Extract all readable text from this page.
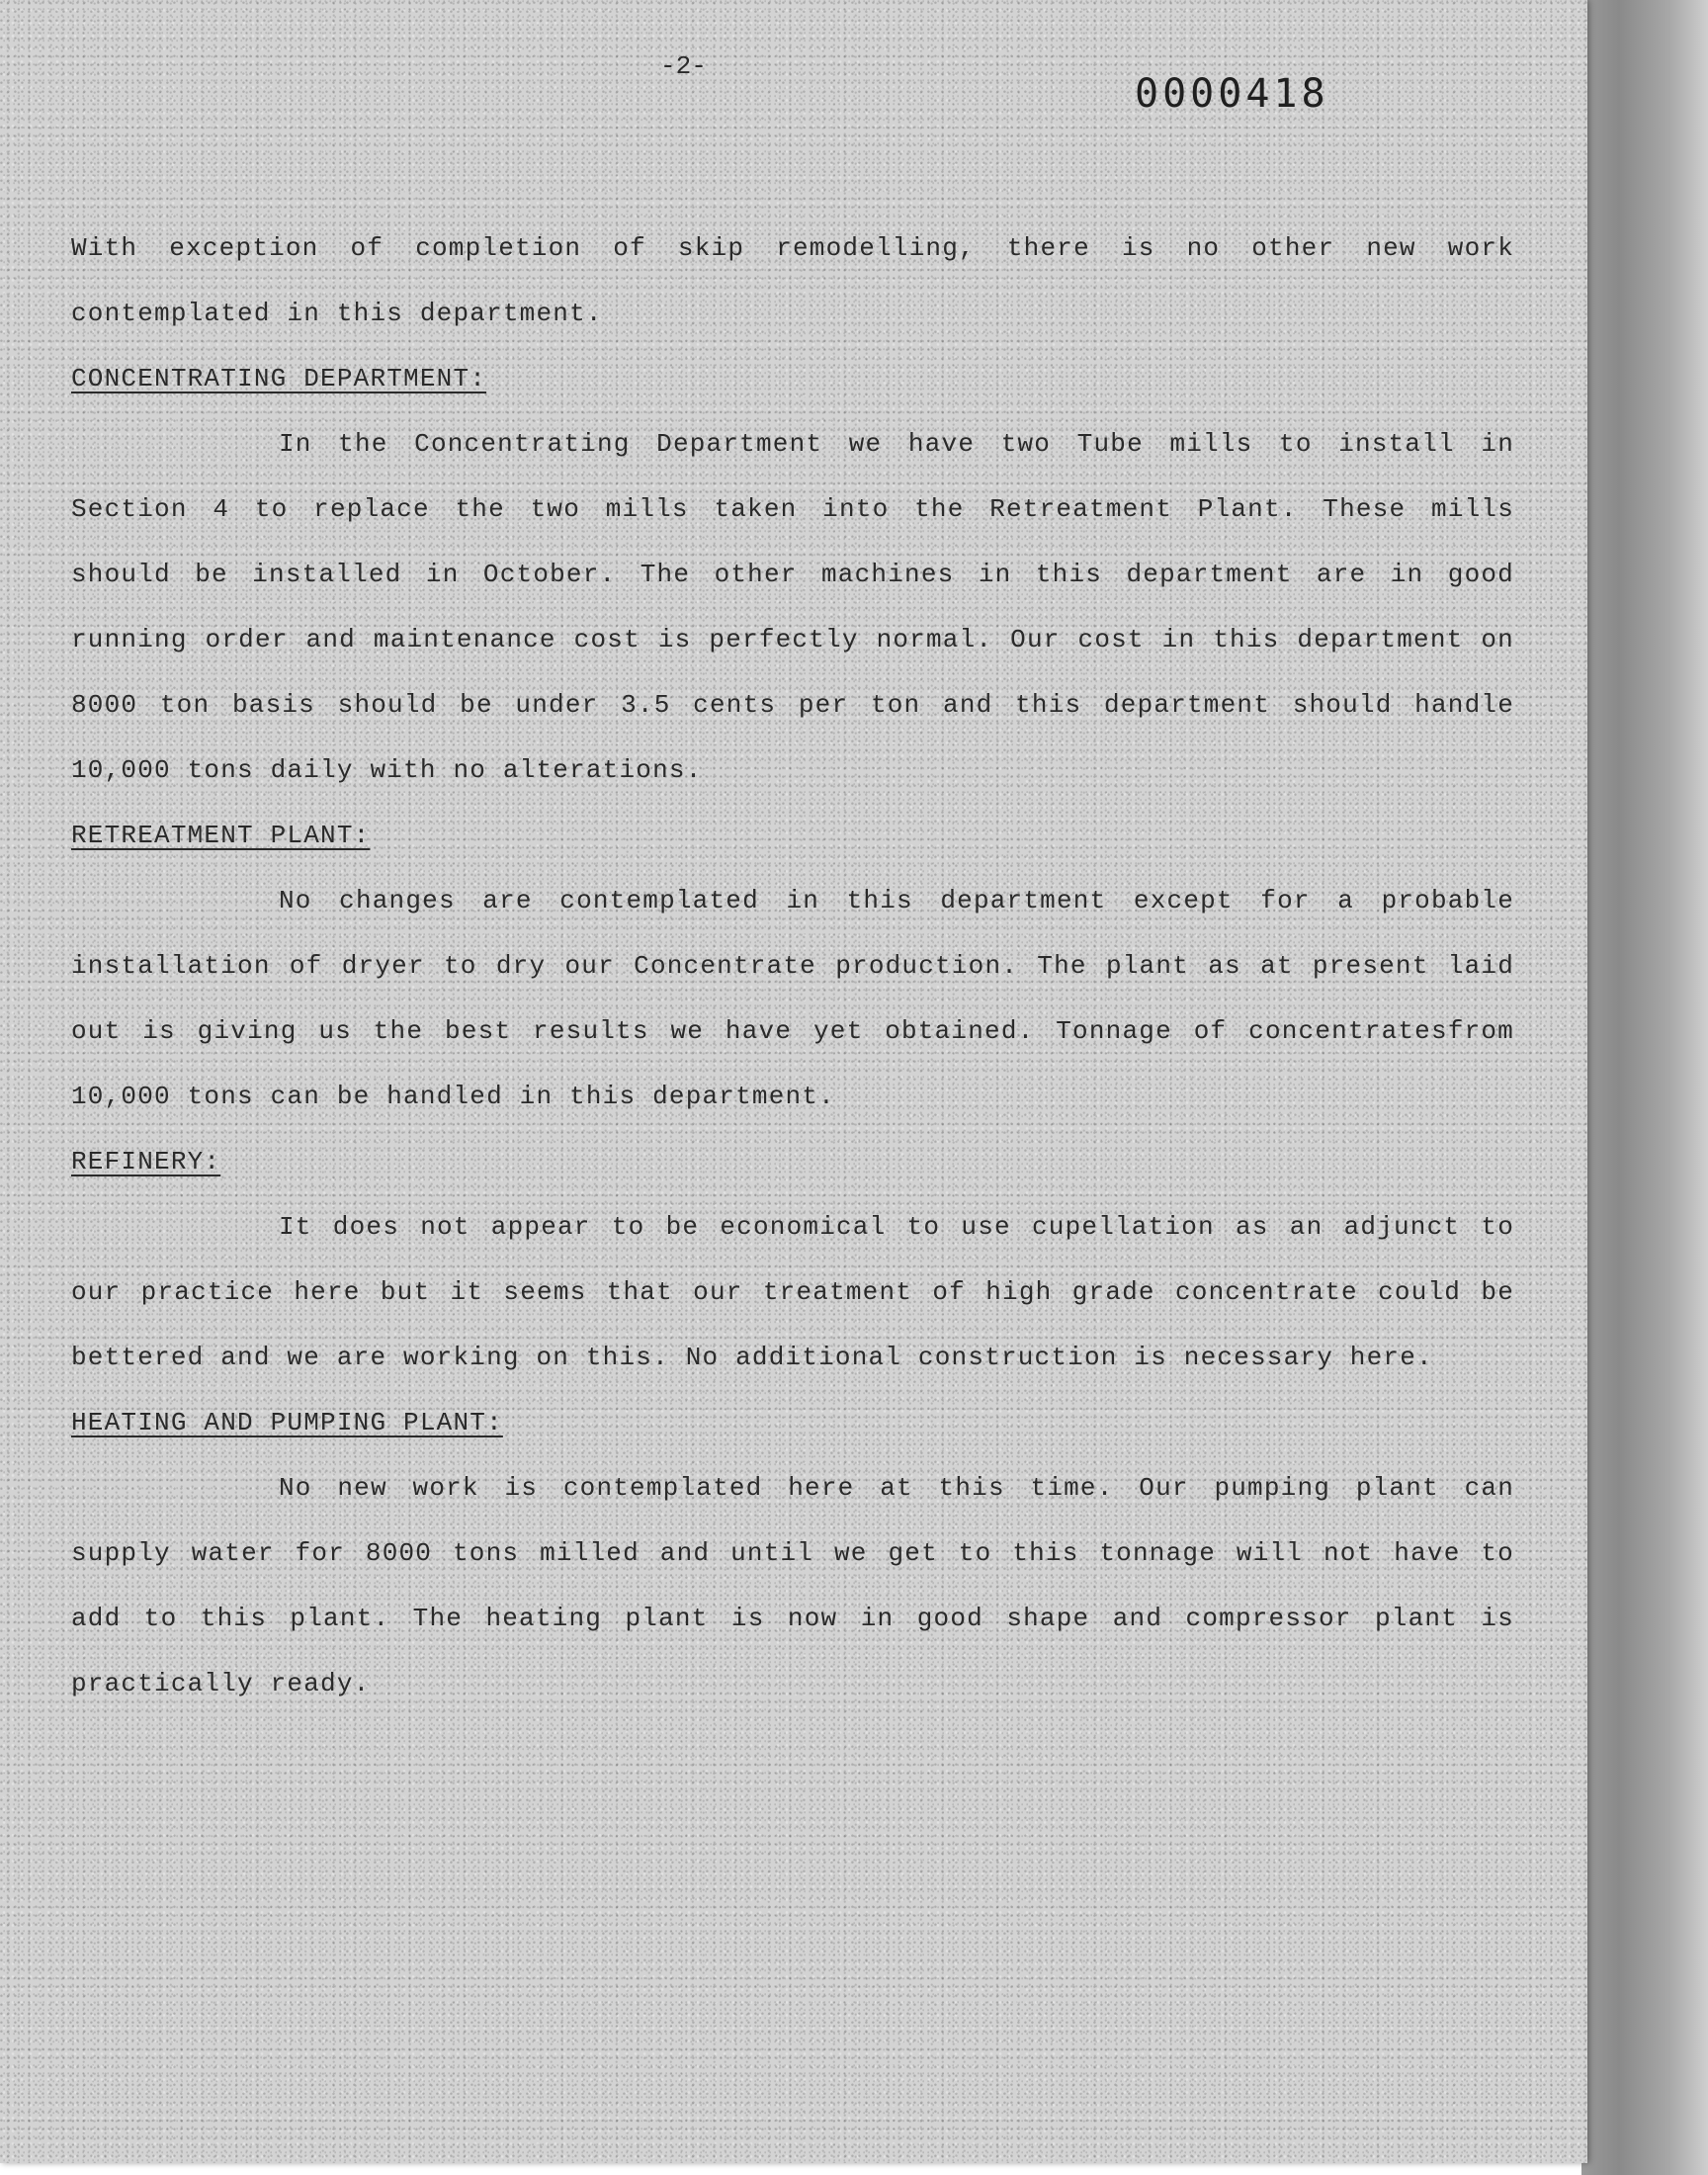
-2-
0000418

With exception of completion of skip remodelling, there is no other new work contemplated in this department.

CONCENTRATING DEPARTMENT:

In the Concentrating Department we have two Tube mills to install in Section 4 to replace the two mills taken into the Retreatment Plant. These mills should be installed in October. The other machines in this department are in good running order and maintenance cost is perfectly normal. Our cost in this department on 8000 ton basis should be under 3.5 cents per ton and this department should handle 10,000 tons daily with no alterations.

RETREATMENT PLANT:

No changes are contemplated in this department except for a probable installation of dryer to dry our Concentrate production. The plant as at present laid out is giving us the best results we have yet obtained. Tonnage of concentratesfrom 10,000 tons can be handled in this department.

REFINERY:

It does not appear to be economical to use cupellation as an adjunct to our practice here but it seems that our treatment of high grade concentrate could be bettered and we are working on this. No additional construction is necessary here.

HEATING AND PUMPING PLANT:

No new work is contemplated here at this time. Our pumping plant can supply water for 8000 tons milled and until we get to this tonnage will not have to add to this plant. The heating plant is now in good shape and compressor plant is practically ready.
